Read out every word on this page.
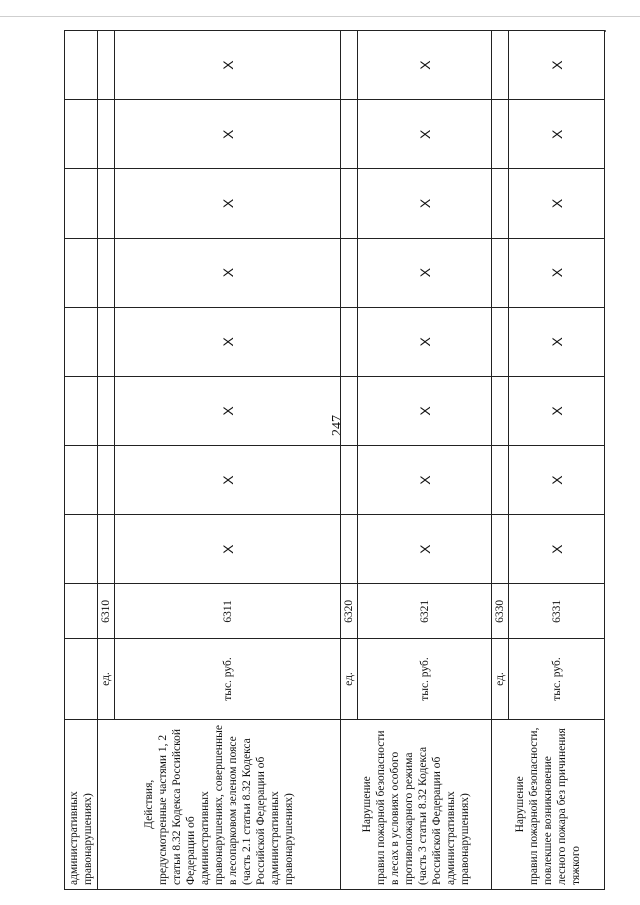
247
административных правонарушениях)										

Действия, предусмотренные частями 1, 2 статьи 8.32 Кодекса Российской Федерации об административных правонарушениях, совершенные в лесопарковом зеленом поясе (часть 2.1 статьи 8.32 Кодекса Российской Федерации об административных правонарушениях)	ед.	6310								
	тыс. руб.	6311	X	X	X	X	X	X	X	X

Нарушение правил пожарной безопасности в лесах в условиях особого противопожарного режима (часть 3 статьи 8.32 Кодекса Российской Федерации об административных правонарушениях)	ед.	6320								
	тыс. руб.	6321	X	X	X	X	X	X	X	X

Нарушение правил пожарной безопасности, повлекшее возникновение лесного пожара без причинения тяжкого	ед.	6330								
	тыс. руб.	6331	X	X	X	X	X	X	X	X
